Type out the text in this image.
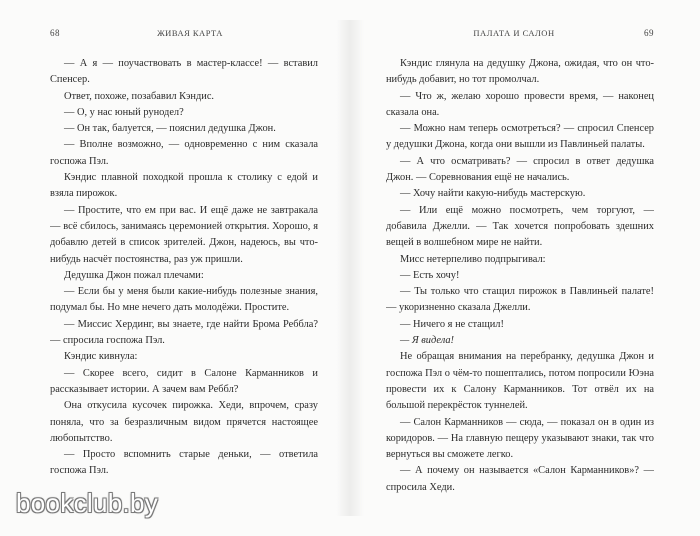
68	ЖИВАЯ КАРТА

— А я — поучаствовать в мастер-классе! — вставил Спенсер.

Ответ, похоже, позабавил Кэндис.

— О, у нас юный рунодел?

— Он так, балуется, — пояснил дедушка Джон.

— Вполне возможно, — одновременно с ним сказала госпожа Пэл.

Кэндис плавной походкой прошла к столику с едой и взяла пирожок.

— Простите, что ем при вас. И ещё даже не завтракала — всё сбилось, занимаясь церемонией открытия. Хорошо, я добавлю детей в список зрителей. Джон, надеюсь, вы что-нибудь насчёт постоянства, раз уж пришли.

Дедушка Джон пожал плечами:

— Если бы у меня были какие-нибудь полезные знания, подумал бы. Но мне нечего дать молодёжи. Простите.

— Миссис Хердинг, вы знаете, где найти Брома Реббла? — спросила госпожа Пэл.

Кэндис кивнула:

— Скорее всего, сидит в Салоне Карманников и рассказывает истории. А зачем вам Реббл?

Она откусила кусочек пирожка. Хеди, впрочем, сразу поняла, что за безразличным видом прячется настоящее любопытство.

— Просто вспомнить старые деньки, — ответила госпожа Пэл.

ПАЛАТА И САЛОН	69

Кэндис глянула на дедушку Джона, ожидая, что он что-нибудь добавит, но тот промолчал.

— Что ж, желаю хорошо провести время, — наконец сказала она.

— Можно нам теперь осмотреться? — спросил Спенсер у дедушки Джона, когда они вышли из Павлиньей палаты.

— А что осматривать? — спросил в ответ дедушка Джон. — Соревнования ещё не начались.

— Хочу найти какую-нибудь мастерскую.

— Или ещё можно посмотреть, чем торгуют, — добавила Джелли. — Так хочется попробовать здешних вещей в волшебном мире не найти.

Мисс нетерпеливо подпрыгивал:

— Есть хочу!

— Ты только что стащил пирожок в Павлиньей палате! — укоризненно сказала Джелли.

— Ничего я не стащил!

— Я видела!

Не обращая внимания на перебранку, дедушка Джон и госпожа Пэл о чём-то пошептались, потом попросили Юэна провести их к Салону Карманников. Тот отвёл их на большой перекрёсток туннелей.

— Салон Карманников — сюда, — показал он в один из коридоров. — На главную пещеру указывают знаки, так что вернуться вы сможете легко.

— А почему он называется «Салон Карманников»? — спросила Хеди.

bookclub.by
